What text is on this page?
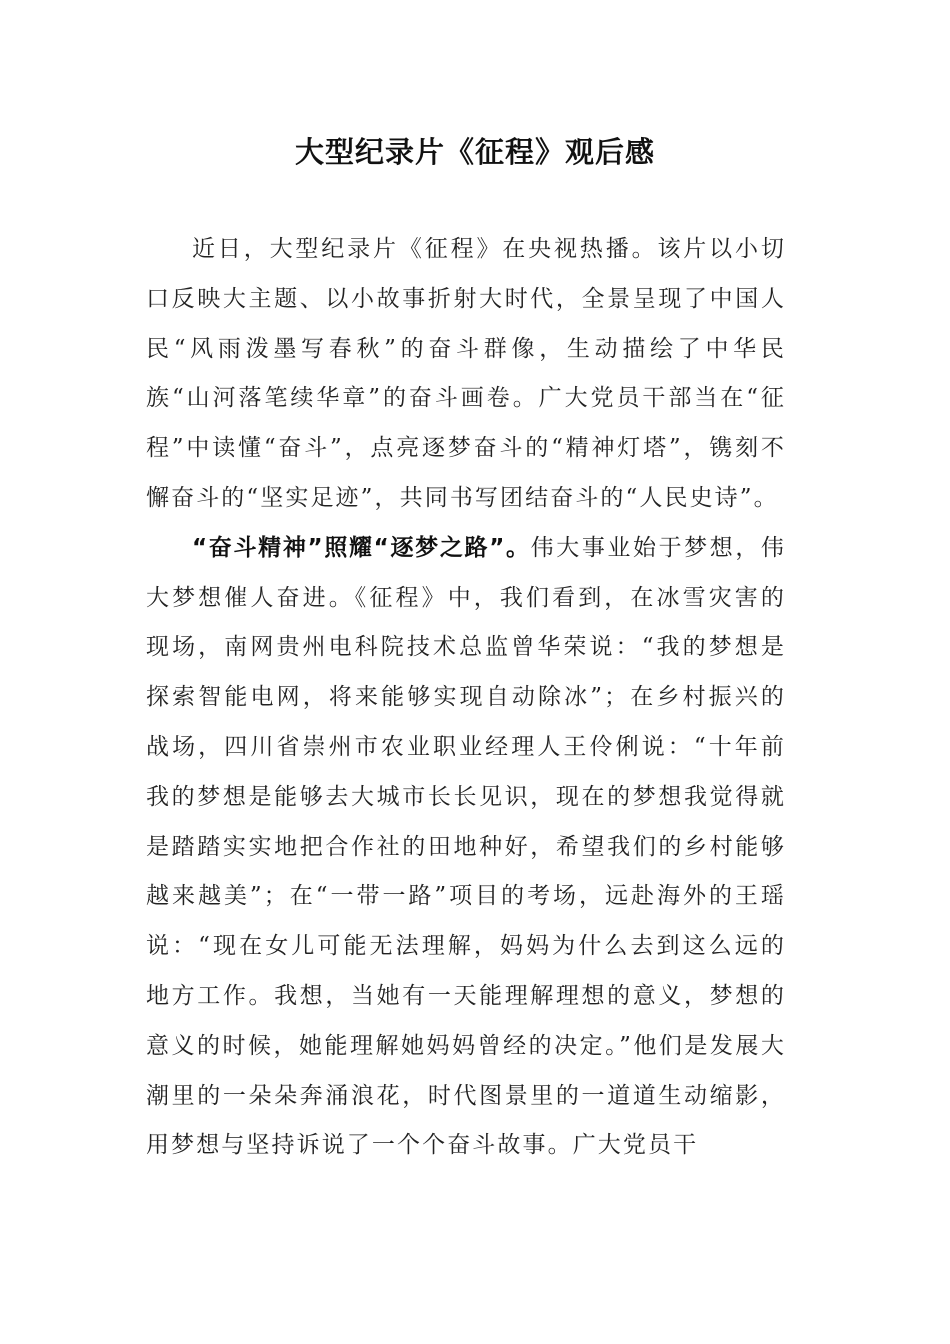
大型纪录片《征程》观后感

近日，大型纪录片《征程》在央视热播。该片以小切口反映大主题、以小故事折射大时代，全景呈现了中国人民“风雨泼墨写春秋”的奋斗群像，生动描绘了中华民族“山河落笔续华章”的奋斗画卷。广大党员干部当在“征程”中读懂“奋斗”，点亮逐梦奋斗的“精神灯塔”，镌刻不懈奋斗的“坚实足迹”，共同书写团结奋斗的“人民史诗”。

“奋斗精神”照耀“逐梦之路”。伟大事业始于梦想，伟大梦想催人奋进。《征程》中，我们看到，在冰雪灾害的现场，南网贵州电科院技术总监曾华荣说：“我的梦想是探索智能电网，将来能够实现自动除冰”；在乡村振兴的战场，四川省崇州市农业职业经理人王伶俐说：“十年前我的梦想是能够去大城市长长见识，现在的梦想我觉得就是踏踏实实地把合作社的田地种好，希望我们的乡村能够越来越美”；在“一带一路”项目的考场，远赴海外的王瑶说：“现在女儿可能无法理解，妈妈为什么去到这么远的地方工作。我想，当她有一天能理解理想的意义，梦想的意义的时候，她能理解她妈妈曾经的决定。”他们是发展大潮里的一朵朵奔涌浪花，时代图景里的一道道生动缩影，用梦想与坚持诉说了一个个奋斗故事。广大党员干
